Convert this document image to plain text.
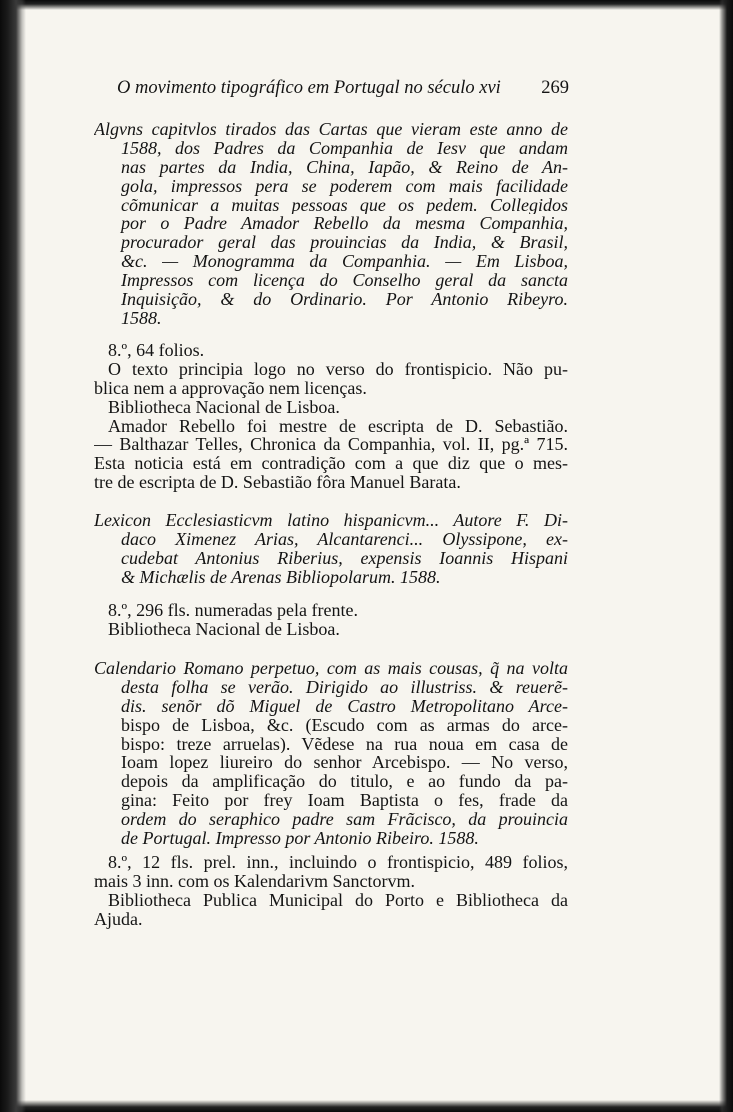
O movimento tipográfico em Portugal no século xvi 269
Algvns capitvlos tirados das Cartas que vieram este anno de
1588, dos Padres da Companhia de Iesv que andam
nas partes da India, China, Iapão, & Reino de An-
gola, impressos pera se poderem com mais facilidade
cõmunicar a muitas pessoas que os pedem. Collegidos
por o Padre Amador Rebello da mesma Companhia,
procurador geral das prouincias da India, & Brasil,
&c. — Monogramma da Companhia. — Em Lisboa,
Impressos com licença do Conselho geral da sancta
Inquisição, & do Ordinario. Por Antonio Ribeyro.
1588.
8.º, 64 folios.
O texto principia logo no verso do frontispicio. Não pu-
blica nem a approvação nem licenças.
Bibliotheca Nacional de Lisboa.
Amador Rebello foi mestre de escripta de D. Sebastião.
— Balthazar Telles, Chronica da Companhia, vol. II, pg.ª 715.
Esta noticia está em contradição com a que diz que o mes-
tre de escripta de D. Sebastião fôra Manuel Barata.
Lexicon Ecclesiasticvm latino hispanicvm... Autore F. Di-
daco Ximenez Arias, Alcantarenci... Olyssipone, ex-
cudebat Antonius Riberius, expensis Ioannis Hispani
& Michælis de Arenas Bibliopolarum. 1588.
8.º, 296 fls. numeradas pela frente.
Bibliotheca Nacional de Lisboa.
Calendario Romano perpetuo, com as mais cousas, q̃ na volta
desta folha se verão. Dirigido ao illustriss. & reuerẽ-
dis. senõr dõ Miguel de Castro Metropolitano Arce-
bispo de Lisboa, &c. (Escudo com as armas do arce-
bispo: treze arruelas). Vẽdese na rua noua em casa de
Ioam lopez liureiro do senhor Arcebispo. — No verso,
depois da amplificação do titulo, e ao fundo da pa-
gina: Feito por frey Ioam Baptista o fes, frade da
ordem do seraphico padre sam Frãcisco, da prouincia
de Portugal. Impresso por Antonio Ribeiro. 1588.
8.º, 12 fls. prel. inn., incluindo o frontispicio, 489 folios,
mais 3 inn. com os Kalendarivm Sanctorvm.
Bibliotheca Publica Municipal do Porto e Bibliotheca da
Ajuda.
